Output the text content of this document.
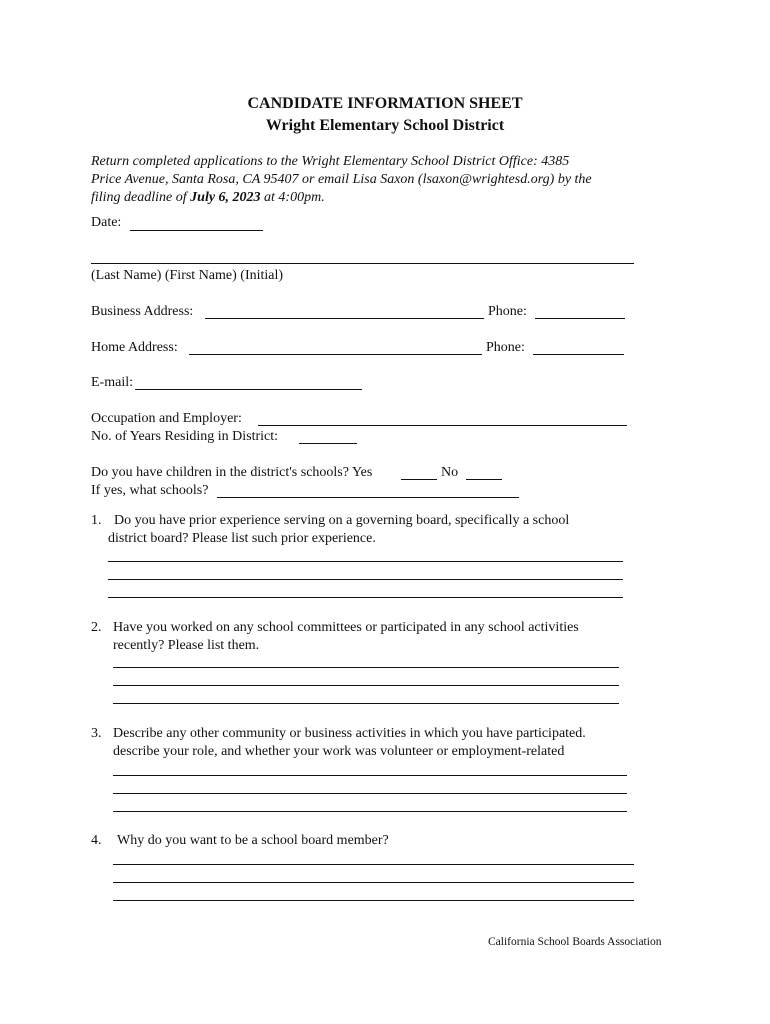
CANDIDATE INFORMATION SHEET
Wright Elementary School District
Return completed applications to the Wright Elementary School District Office: 4385
Price Avenue, Santa Rosa, CA 95407 or email Lisa Saxon (lsaxon@wrightesd.org) by the
filing deadline of July 6, 2023 at 4:00pm.
Date:
(Last Name) (First Name) (Initial)
Business Address:	Phone:
Home Address:	Phone:
E-mail:
Occupation and Employer:
No. of Years Residing in District:
Do you have children in the district's schools? Yes	No
If yes, what schools?
1. Do you have prior experience serving on a governing board, specifically a school
district board? Please list such prior experience.
2. Have you worked on any school committees or participated in any school activities
recently? Please list them.
3. Describe any other community or business activities in which you have participated.
describe your role, and whether your work was volunteer or employment-related
4. Why do you want to be a school board member?
California School Boards Association
